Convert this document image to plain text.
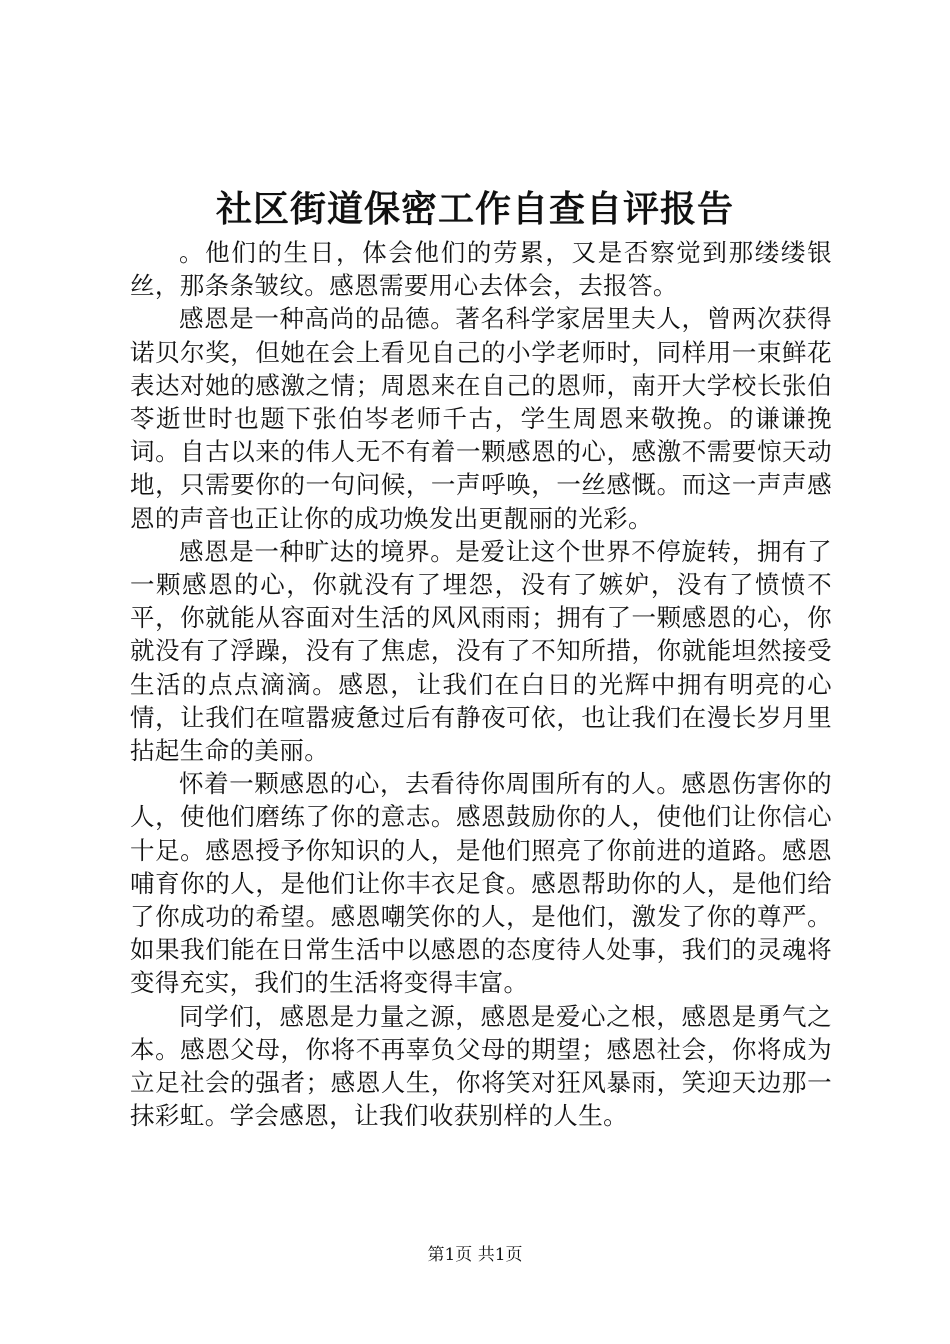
社区街道保密工作自查自评报告

。他们的生日，体会他们的劳累，又是否察觉到那缕缕银丝，那条条皱纹。感恩需要用心去体会，去报答。

感恩是一种高尚的品德。著名科学家居里夫人，曾两次获得诺贝尔奖，但她在会上看见自己的小学老师时，同样用一束鲜花表达对她的感激之情；周恩来在自己的恩师，南开大学校长张伯苓逝世时也题下张伯岑老师千古，学生周恩来敬挽。的谦谦挽词。自古以来的伟人无不有着一颗感恩的心，感激不需要惊天动地，只需要你的一句问候，一声呼唤，一丝感慨。而这一声声感恩的声音也正让你的成功焕发出更靓丽的光彩。

感恩是一种旷达的境界。是爱让这个世界不停旋转，拥有了一颗感恩的心，你就没有了埋怨，没有了嫉妒，没有了愤愤不平，你就能从容面对生活的风风雨雨；拥有了一颗感恩的心，你就没有了浮躁，没有了焦虑，没有了不知所措，你就能坦然接受生活的点点滴滴。感恩，让我们在白日的光辉中拥有明亮的心情，让我们在喧嚣疲惫过后有静夜可依，也让我们在漫长岁月里拈起生命的美丽。

怀着一颗感恩的心，去看待你周围所有的人。感恩伤害你的人，使他们磨练了你的意志。感恩鼓励你的人，使他们让你信心十足。感恩授予你知识的人，是他们照亮了你前进的道路。感恩哺育你的人，是他们让你丰衣足食。感恩帮助你的人，是他们给了你成功的希望。感恩嘲笑你的人，是他们，激发了你的尊严。如果我们能在日常生活中以感恩的态度待人处事，我们的灵魂将变得充实，我们的生活将变得丰富。

同学们，感恩是力量之源，感恩是爱心之根，感恩是勇气之本。感恩父母，你将不再辜负父母的期望；感恩社会，你将成为立足社会的强者；感恩人生，你将笑对狂风暴雨，笑迎天边那一抹彩虹。学会感恩，让我们收获别样的人生。

第1页 共1页
